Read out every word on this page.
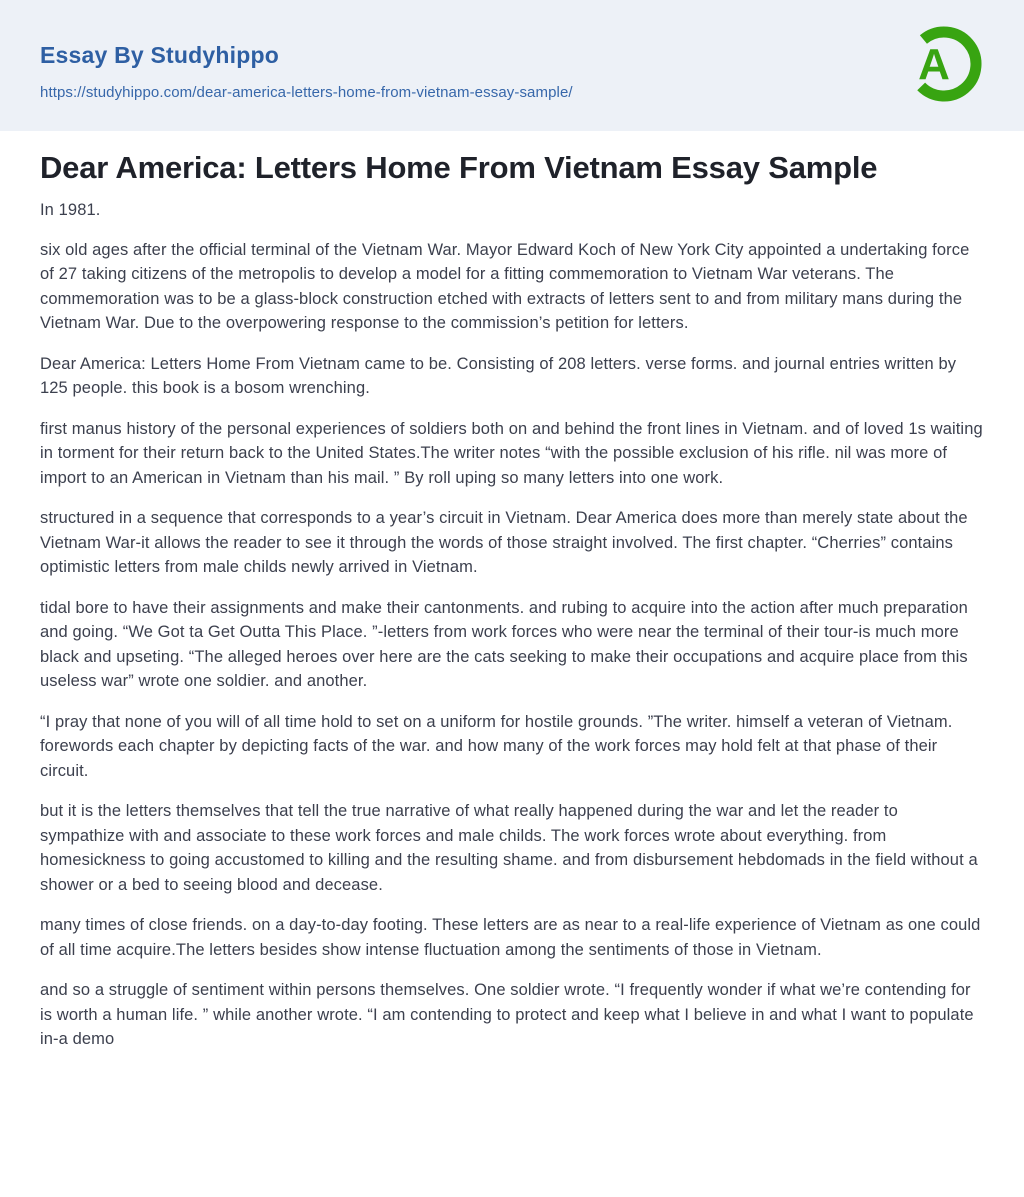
Essay By Studyhippo
https://studyhippo.com/dear-america-letters-home-from-vietnam-essay-sample/
A
Dear America: Letters Home From Vietnam Essay Sample

In 1981.

six old ages after the official terminal of the Vietnam War. Mayor Edward Koch of New York City appointed a undertaking force of 27 taking citizens of the metropolis to develop a model for a fitting commemoration to Vietnam War veterans. The commemoration was to be a glass-block construction etched with extracts of letters sent to and from military mans during the Vietnam War. Due to the overpowering response to the commission’s petition for letters.

Dear America: Letters Home From Vietnam came to be. Consisting of 208 letters. verse forms. and journal entries written by 125 people. this book is a bosom wrenching.

first manus history of the personal experiences of soldiers both on and behind the front lines in Vietnam. and of loved 1s waiting in torment for their return back to the United States.The writer notes “with the possible exclusion of his rifle. nil was more of import to an American in Vietnam than his mail. ” By roll uping so many letters into one work.

structured in a sequence that corresponds to a year’s circuit in Vietnam. Dear America does more than merely state about the Vietnam War-it allows the reader to see it through the words of those straight involved. The first chapter. “Cherries” contains optimistic letters from male childs newly arrived in Vietnam.

tidal bore to have their assignments and make their cantonments. and rubing to acquire into the action after much preparation and going. “We Got ta Get Outta This Place. ”-letters from work forces who were near the terminal of their tour-is much more black and upseting. “The alleged heroes over here are the cats seeking to make their occupations and acquire place from this useless war” wrote one soldier. and another.

“I pray that none of you will of all time hold to set on a uniform for hostile grounds. ”The writer. himself a veteran of Vietnam. forewords each chapter by depicting facts of the war. and how many of the work forces may hold felt at that phase of their circuit.

but it is the letters themselves that tell the true narrative of what really happened during the war and let the reader to sympathize with and associate to these work forces and male childs. The work forces wrote about everything. from homesickness to going accustomed to killing and the resulting shame. and from disbursement hebdomads in the field without a shower or a bed to seeing blood and decease.

many times of close friends. on a day-to-day footing. These letters are as near to a real-life experience of Vietnam as one could of all time acquire.The letters besides show intense fluctuation among the sentiments of those in Vietnam.

and so a struggle of sentiment within persons themselves. One soldier wrote. “I frequently wonder if what we’re contending for is worth a human life. ” while another wrote. “I am contending to protect and keep what I believe in and what I want to populate in-a demo
